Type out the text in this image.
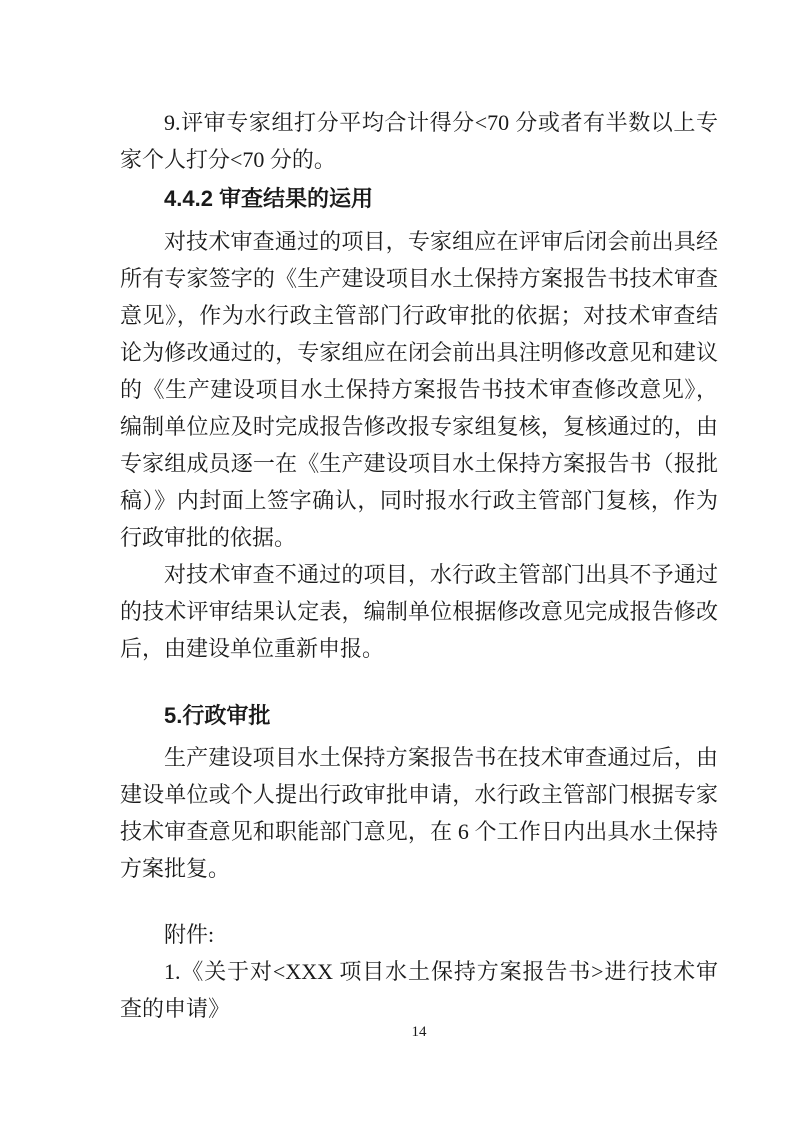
9.评审专家组打分平均合计得分<70 分或者有半数以上专家个人打分<70 分的。

4.4.2 审查结果的运用

对技术审查通过的项目，专家组应在评审后闭会前出具经所有专家签字的《生产建设项目水土保持方案报告书技术审查意见》，作为水行政主管部门行政审批的依据；对技术审查结论为修改通过的，专家组应在闭会前出具注明修改意见和建议的《生产建设项目水土保持方案报告书技术审查修改意见》，编制单位应及时完成报告修改报专家组复核，复核通过的，由专家组成员逐一在《生产建设项目水土保持方案报告书（报批稿）》内封面上签字确认，同时报水行政主管部门复核，作为行政审批的依据。

对技术审查不通过的项目，水行政主管部门出具不予通过的技术评审结果认定表，编制单位根据修改意见完成报告修改后，由建设单位重新申报。

5.行政审批

生产建设项目水土保持方案报告书在技术审查通过后，由建设单位或个人提出行政审批申请，水行政主管部门根据专家技术审查意见和职能部门意见，在 6 个工作日内出具水土保持方案批复。

附件:

1.《关于对<XXX 项目水土保持方案报告书>进行技术审查的申请》

14
